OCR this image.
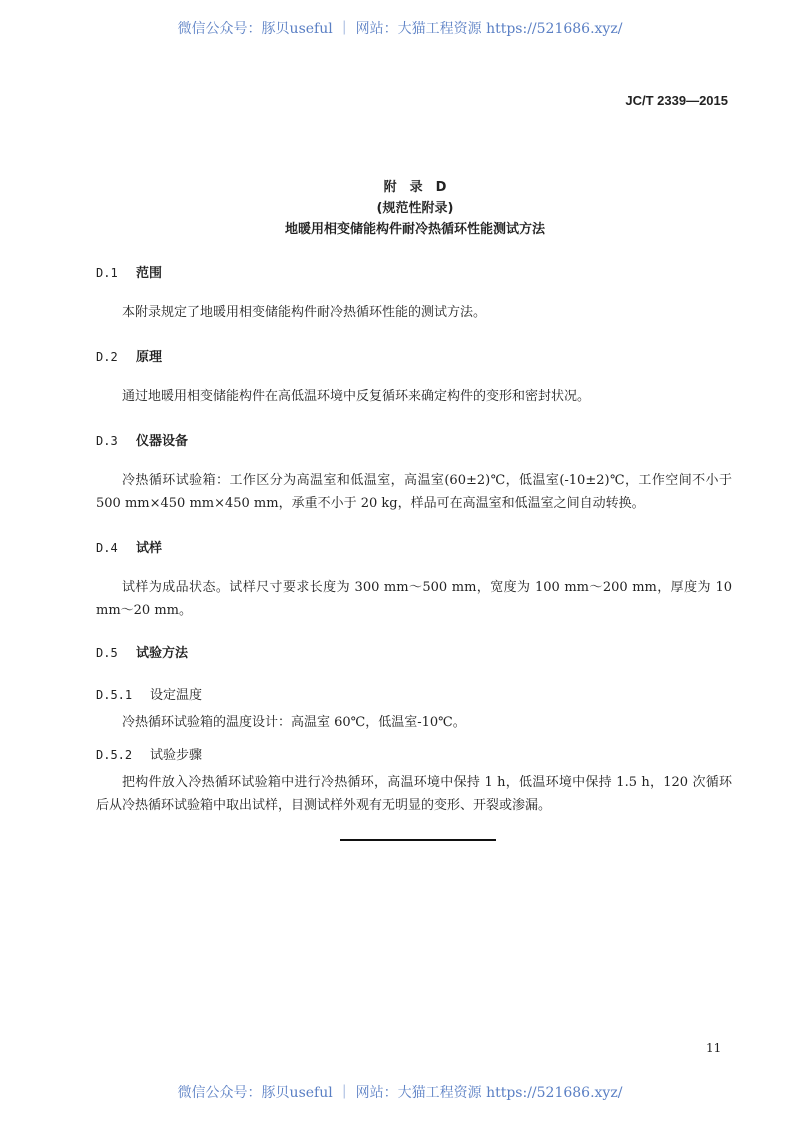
微信公众号：豚贝useful ｜ 网站：大猫工程资源 https://521686.xyz/
JC/T 2339—2015
附　录　D
(规范性附录)
地暖用相变储能构件耐冷热循环性能测试方法
D.1 范围
本附录规定了地暖用相变储能构件耐冷热循环性能的测试方法。
D.2 原理
通过地暖用相变储能构件在高低温环境中反复循环来确定构件的变形和密封状况。
D.3 仪器设备
冷热循环试验箱：工作区分为高温室和低温室，高温室(60±2)℃，低温室(-10±2)℃，工作空间不小于 500 mm×450 mm×450 mm，承重不小于 20 kg，样品可在高温室和低温室之间自动转换。
D.4 试样
试样为成品状态。试样尺寸要求长度为 300 mm～500 mm，宽度为 100 mm～200 mm，厚度为 10 mm～20 mm。
D.5 试验方法
D.5.1 设定温度
冷热循环试验箱的温度设计：高温室 60℃，低温室-10℃。
D.5.2 试验步骤
把构件放入冷热循环试验箱中进行冷热循环，高温环境中保持 1 h，低温环境中保持 1.5 h，120 次循环后从冷热循环试验箱中取出试样，目测试样外观有无明显的变形、开裂或渗漏。
11
微信公众号：豚贝useful ｜ 网站：大猫工程资源 https://521686.xyz/
